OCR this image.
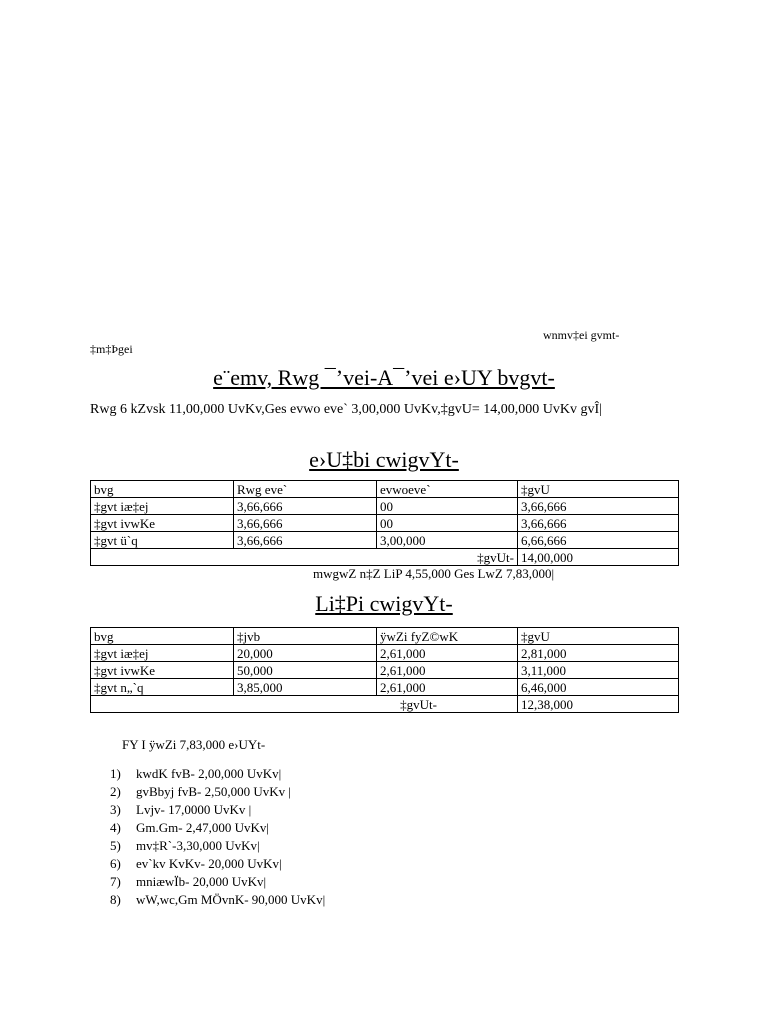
wnmv‡ei gvmt-
‡m‡Þgei
e¨emv, Rwg ¯’vei-A¯’vei e›UY bvgvt-
Rwg 6 kZvsk 11,00,000 UvKv,Ges evwo eve` 3,00,000 UvKv,‡gvU= 14,00,000 UvKv gvÎ|
e›U‡bi cwigvYt-
bvg	Rwg eve`	evwoeve`	‡gvU
‡gvt iæ‡ej	3,66,666	00	3,66,666
‡gvt ivwKe	3,66,666	00	3,66,666
‡gvt ü`q	3,66,666	3,00,000	6,66,666
‡gvUt-			14,00,000
mwgwZ n‡Z LiP 4,55,000 Ges LwZ 7,83,000|
Li‡Pi cwigvYt-
bvg	‡jvb	ÿwZi fyZ©wK	‡gvU
‡gvt iæ‡ej	20,000	2,61,000	2,81,000
‡gvt ivwKe	50,000	2,61,000	3,11,000
‡gvt n„`q	3,85,000	2,61,000	6,46,000
‡gvUt-			12,38,000
FY I ÿwZi 7,83,000 e›UYt-
1) kwdK fvB- 2,00,000 UvKv|
2) gvBbyj fvB- 2,50,000 UvKv |
3) Lvjv- 17,0000 UvKv |
4) Gm.Gm- 2,47,000 UvKv|
5) mv‡R`-3,30,000 UvKv|
6) ev`kv KvKv- 20,000 UvKv|
7) mniæwÏb- 20,000 UvKv|
8) wW,wc,Gm MÖvnK- 90,000 UvKv|
